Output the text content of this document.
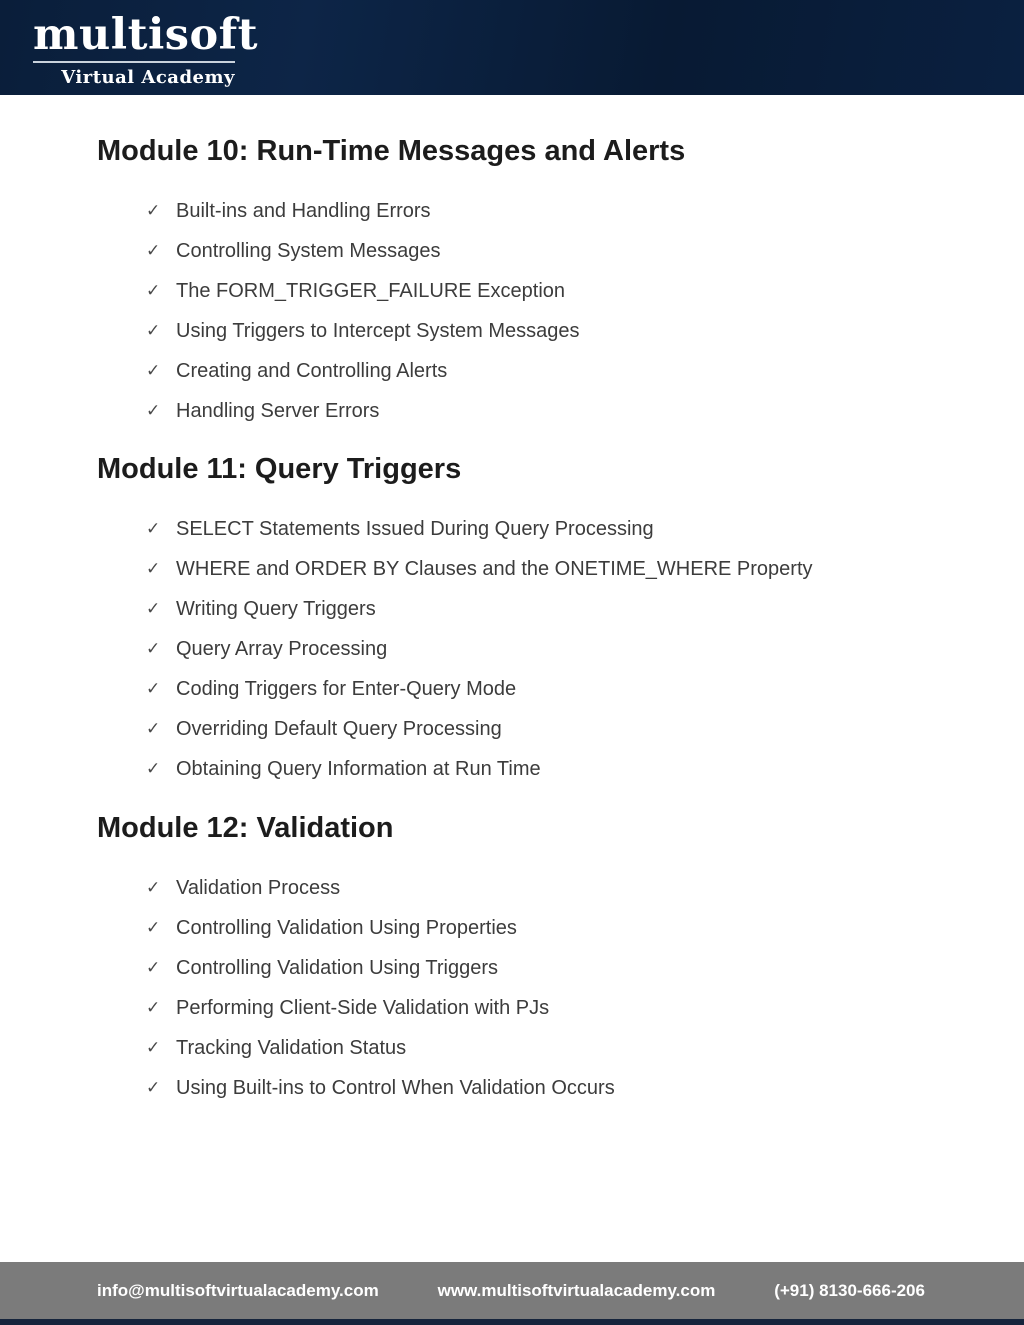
multisoft
Virtual Academy
Module 10: Run-Time Messages and Alerts
✓ Built-ins and Handling Errors
✓ Controlling System Messages
✓ The FORM_TRIGGER_FAILURE Exception
✓ Using Triggers to Intercept System Messages
✓ Creating and Controlling Alerts
✓ Handling Server Errors
Module 11: Query Triggers
✓ SELECT Statements Issued During Query Processing
✓ WHERE and ORDER BY Clauses and the ONETIME_WHERE Property
✓ Writing Query Triggers
✓ Query Array Processing
✓ Coding Triggers for Enter-Query Mode
✓ Overriding Default Query Processing
✓ Obtaining Query Information at Run Time
Module 12: Validation
✓ Validation Process
✓ Controlling Validation Using Properties
✓ Controlling Validation Using Triggers
✓ Performing Client-Side Validation with PJs
✓ Tracking Validation Status
✓ Using Built-ins to Control When Validation Occurs
info@multisoftvirtualacademy.com	www.multisoftvirtualacademy.com	(+91) 8130-666-206
